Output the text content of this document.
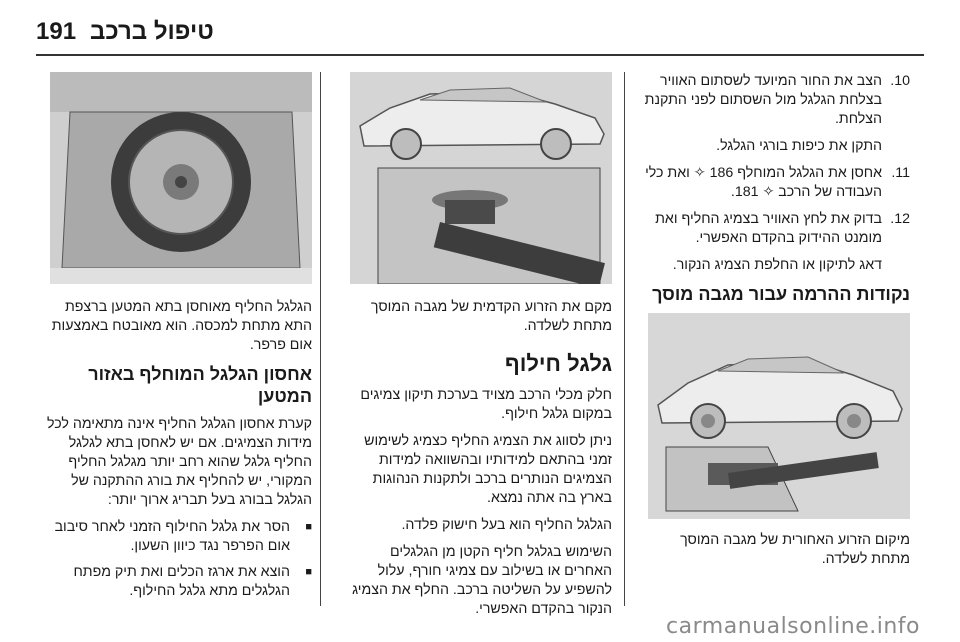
191 טיפול ברכב
10.
הצב את החור המיועד לשסתום האוויר בצלחת הגלגל מול השסתום לפני התקנת הצלחת.

התקן את כיפות בורגי הגלגל.

11.
אחסן את הגלגל המוחלף 186 ✧ ואת כלי העבודה של הרכב ✧ 181.
12.
בדוק את לחץ האוויר בצמיג החליף ואת מומנט ההידוק בהקדם האפשרי.

דאג לתיקון או החלפת הצמיג הנקור.

נקודות ההרמה עבור מגבה מוסך

מיקום הזרוע האחורית של מגבה המוסך מתחת לשלדה.

מקם את הזרוע הקדמית של מגבה המוסך מתחת לשלדה.

גלגל חילוף

חלק מכלי הרכב מצויד בערכת תיקון צמיגים במקום גלגל חילוף.

ניתן לסווג את הצמיג החליף כצמיג לשימוש זמני בהתאם למידותיו ובהשוואה למידות הצמיגים הנותרים ברכב ולתקנות הנהוגות בארץ בה אתה נמצא.

הגלגל החליף הוא בעל חישוק פלדה.

השימוש בגלגל חליף הקטן מן הגלגלים האחרים או בשילוב עם צמיגי חורף, עלול להשפיע על השליטה ברכב. החלף את הצמיג הנקור בהקדם האפשרי.

הגלגל החליף מאוחסן בתא המטען ברצפת התא מתחת למכסה. הוא מאובטח באמצעות אום פרפר.

אחסון הגלגל המוחלף באזור המטען

קערת אחסון הגלגל החליף אינה מתאימה לכל מידות הצמיגים. אם יש לאחסן בתא לגלגל החליף גלגל שהוא רחב יותר מגלגל החליף המקורי, יש להחליף את בורג ההתקנה של הגלגל בבורג בעל תבריג ארוך יותר:

■
הסר את גלגל החילוף הזמני לאחר סיבוב אום הפרפר נגד כיוון השעון.
■
הוצא את ארגז הכלים ואת תיק מפתח הגלגלים מתא גלגל החילוף.
carmanualsonline.info
